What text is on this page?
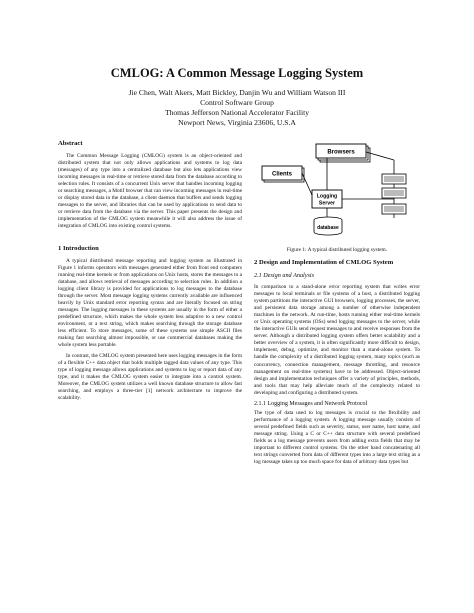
CMLOG: A Common Message Logging System
Jie Chen, Walt Akers, Matt Bickley, Danjin Wu and William Watson III
Control Software Group
Thomas Jefferson National Accelerator Facility
Newport News, Virginia 23606, U.S.A
Abstract

The Common Message Logging (CMLOG) system is an object-oriented and distributed system that not only allows applications and systems to log data (messages) of any type into a centralized database but also lets applications view incoming messages in real-time or retrieve stored data from the database according to selection rules. It consists of a concurrent Unix server that handles incoming logging or searching messages, a Motif browser that can view incoming messages in real-time or display stored data in the database, a client daemon that buffers and sends logging messages to the server, and libraries that can be used by applications to send data to or retrieve data from the database via the server. This paper presents the design and implementation of the CMLOG system meanwhile it will also address the issue of integration of CMLOG into existing control systems.

1 Introduction

A typical distributed message reporting and logging system as illustrated in Figure 1 informs operators with messages generated either from front end computers running real-time kernels or from applications on Unix hosts, stores the messages to a database, and allows retrieval of messages according to selection rules. In addition a logging client library is provided for applications to log messages to the database through the server. Most message logging systems currently available are influenced heavily by Unix standard error reporting syntax and are literally focused on string messages. The logging messages in these systems are usually in the form of either a predefined structure, which makes the whole system less adaptive to a new control environment, or a text string, which makes searching through the storage database less efficient. To store messages, some of these systems use simple ASCII files making fast searching almost impossible, or use commercial databases making the whole system less portable.

In contrast, the CMLOG system presented here uses logging messages in the form of a flexible C++ data object that holds multiple tagged data values of any type. This type of logging message allows applications and systems to log or report data of any type, and it makes the CMLOG system easier to integrate into a control system. Moreover, the CMLOG system utilizes a well known database structure to allow fast searching, and employs a three-tier [1] network architecture to improve the scalability.

Browsers
Clients
Logging
Server
database
Figure 1: A typical distributed logging system.
2 Design and Implementation of CMLOG System
2.1 Design and Analysis

In comparison to a stand-alone error reporting system that writes error messages to local terminals or file systems of a host, a distributed logging system partitions the interactive GUI browsers, logging processes, the server, and persistent data storage among a number of otherwise independent machines in the network. At run-time, hosts running either real-time kernels or Unix operating systems (OSs) send logging messages to the server, while the interactive GUIs send request messages to and receive responses from the server. Although a distributed logging system offers better scalability and a better overview of a system, it is often significantly more difficult to design, implement, debug, optimize, and monitor than a stand-alone system. To handle the complexity of a distributed logging system, many topics (such as concurrency, connection management, message throttling, and resource management on real-time systems) have to be addressed. Object-oriented design and implementation techniques offer a variety of principles, methods, and tools that may help alleviate much of the complexity related to developing and configuring a distributed system.

2.1.1 Logging Messages and Network Protocol

The type of data used to log messages is crucial to the flexibility and performance of a logging system. A logging message usually consists of several predefined fields such as severity, status, user name, host name, and message string. Using a C or C++ data structure with several predefined fields as a log message prevents users from adding extra fields that may be important to different control systems. On the other hand concatenating all text strings converted from data of different types into a large text string as a log message takes up too much space for data of arbitrary data types but
